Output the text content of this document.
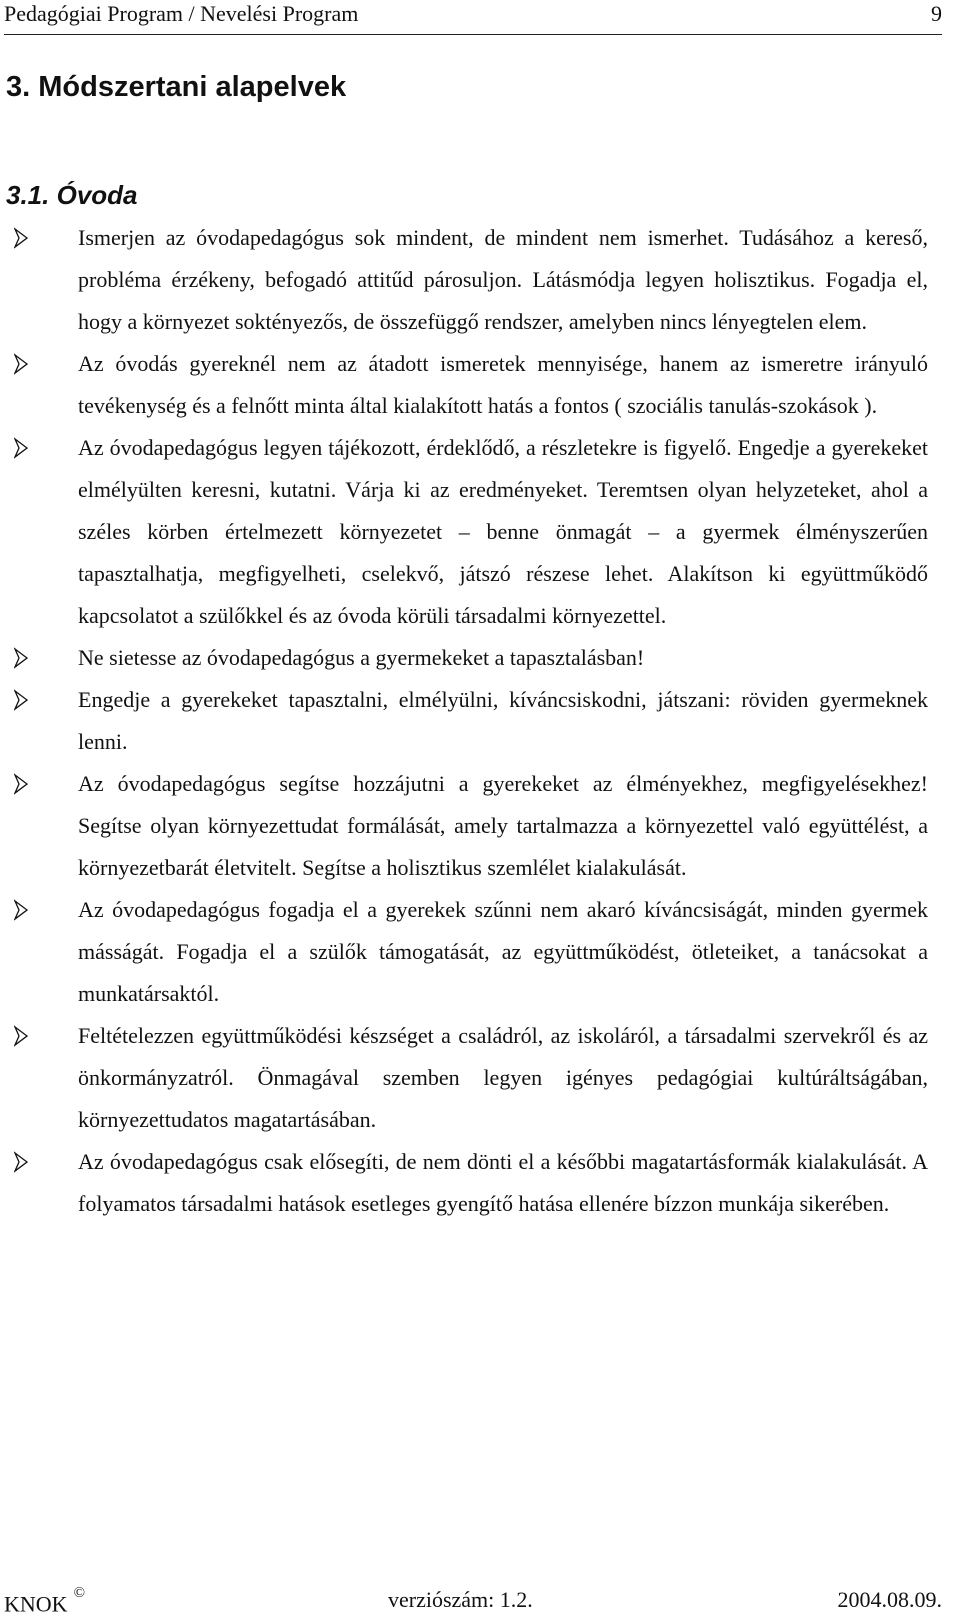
Pedagógiai Program / Nevelési Program	9
3. Módszertani alapelvek
3.1. Óvoda
Ismerjen az óvodapedagógus sok mindent, de mindent nem ismerhet. Tudásához a kereső, probléma érzékeny, befogadó attitűd párosuljon. Látásmódja legyen holisztikus. Fogadja el, hogy a környezet soktényezős, de összefüggő rendszer, amelyben nincs lényegtelen elem.
Az óvodás gyereknél nem az átadott ismeretek mennyisége, hanem az ismeretre irányuló tevékenység és a felnőtt minta által kialakított hatás a fontos ( szociális tanulás-szokások ).
Az óvodapedagógus legyen tájékozott, érdeklődő, a részletekre is figyelő. Engedje a gyerekeket elmélyülten keresni, kutatni. Várja ki az eredményeket. Teremtsen olyan helyzeteket, ahol a széles körben értelmezett környezetet – benne önmagát – a gyermek élményszerűen tapasztalhatja, megfigyelheti, cselekvő, játszó részese lehet. Alakítson ki együttműködő kapcsolatot a szülőkkel és az óvoda körüli társadalmi környezettel.
Ne sietesse az óvodapedagógus a gyermekeket a tapasztalásban!
Engedje a gyerekeket tapasztalni, elmélyülni, kíváncsiskodni, játszani: röviden gyermeknek lenni.
Az óvodapedagógus segítse hozzájutni a gyerekeket az élményekhez, megfigyelésekhez! Segítse olyan környezettudat formálását, amely tartalmazza a környezettel való együttélést, a környezetbarát életvitelt. Segítse a holisztikus szemlélet kialakulását.
Az óvodapedagógus fogadja el a gyerekek szűnni nem akaró kíváncsiságát, minden gyermek másságát. Fogadja el a szülők támogatását, az együttműködést, ötleteiket, a tanácsokat a munkatársaktól.
Feltételezzen együttműködési készséget a családról, az iskoláról, a társadalmi szervekről és az önkormányzatról. Önmagával szemben legyen igényes pedagógiai kultúráltságában, környezettudatos magatartásában.
Az óvodapedagógus csak elősegíti, de nem dönti el a későbbi magatartásformák kialakulását. A folyamatos társadalmi hatások esetleges gyengítő hatása ellenére bízzon munkája sikerében.
KNOK ©	verziószám: 1.2.	2004.08.09.
